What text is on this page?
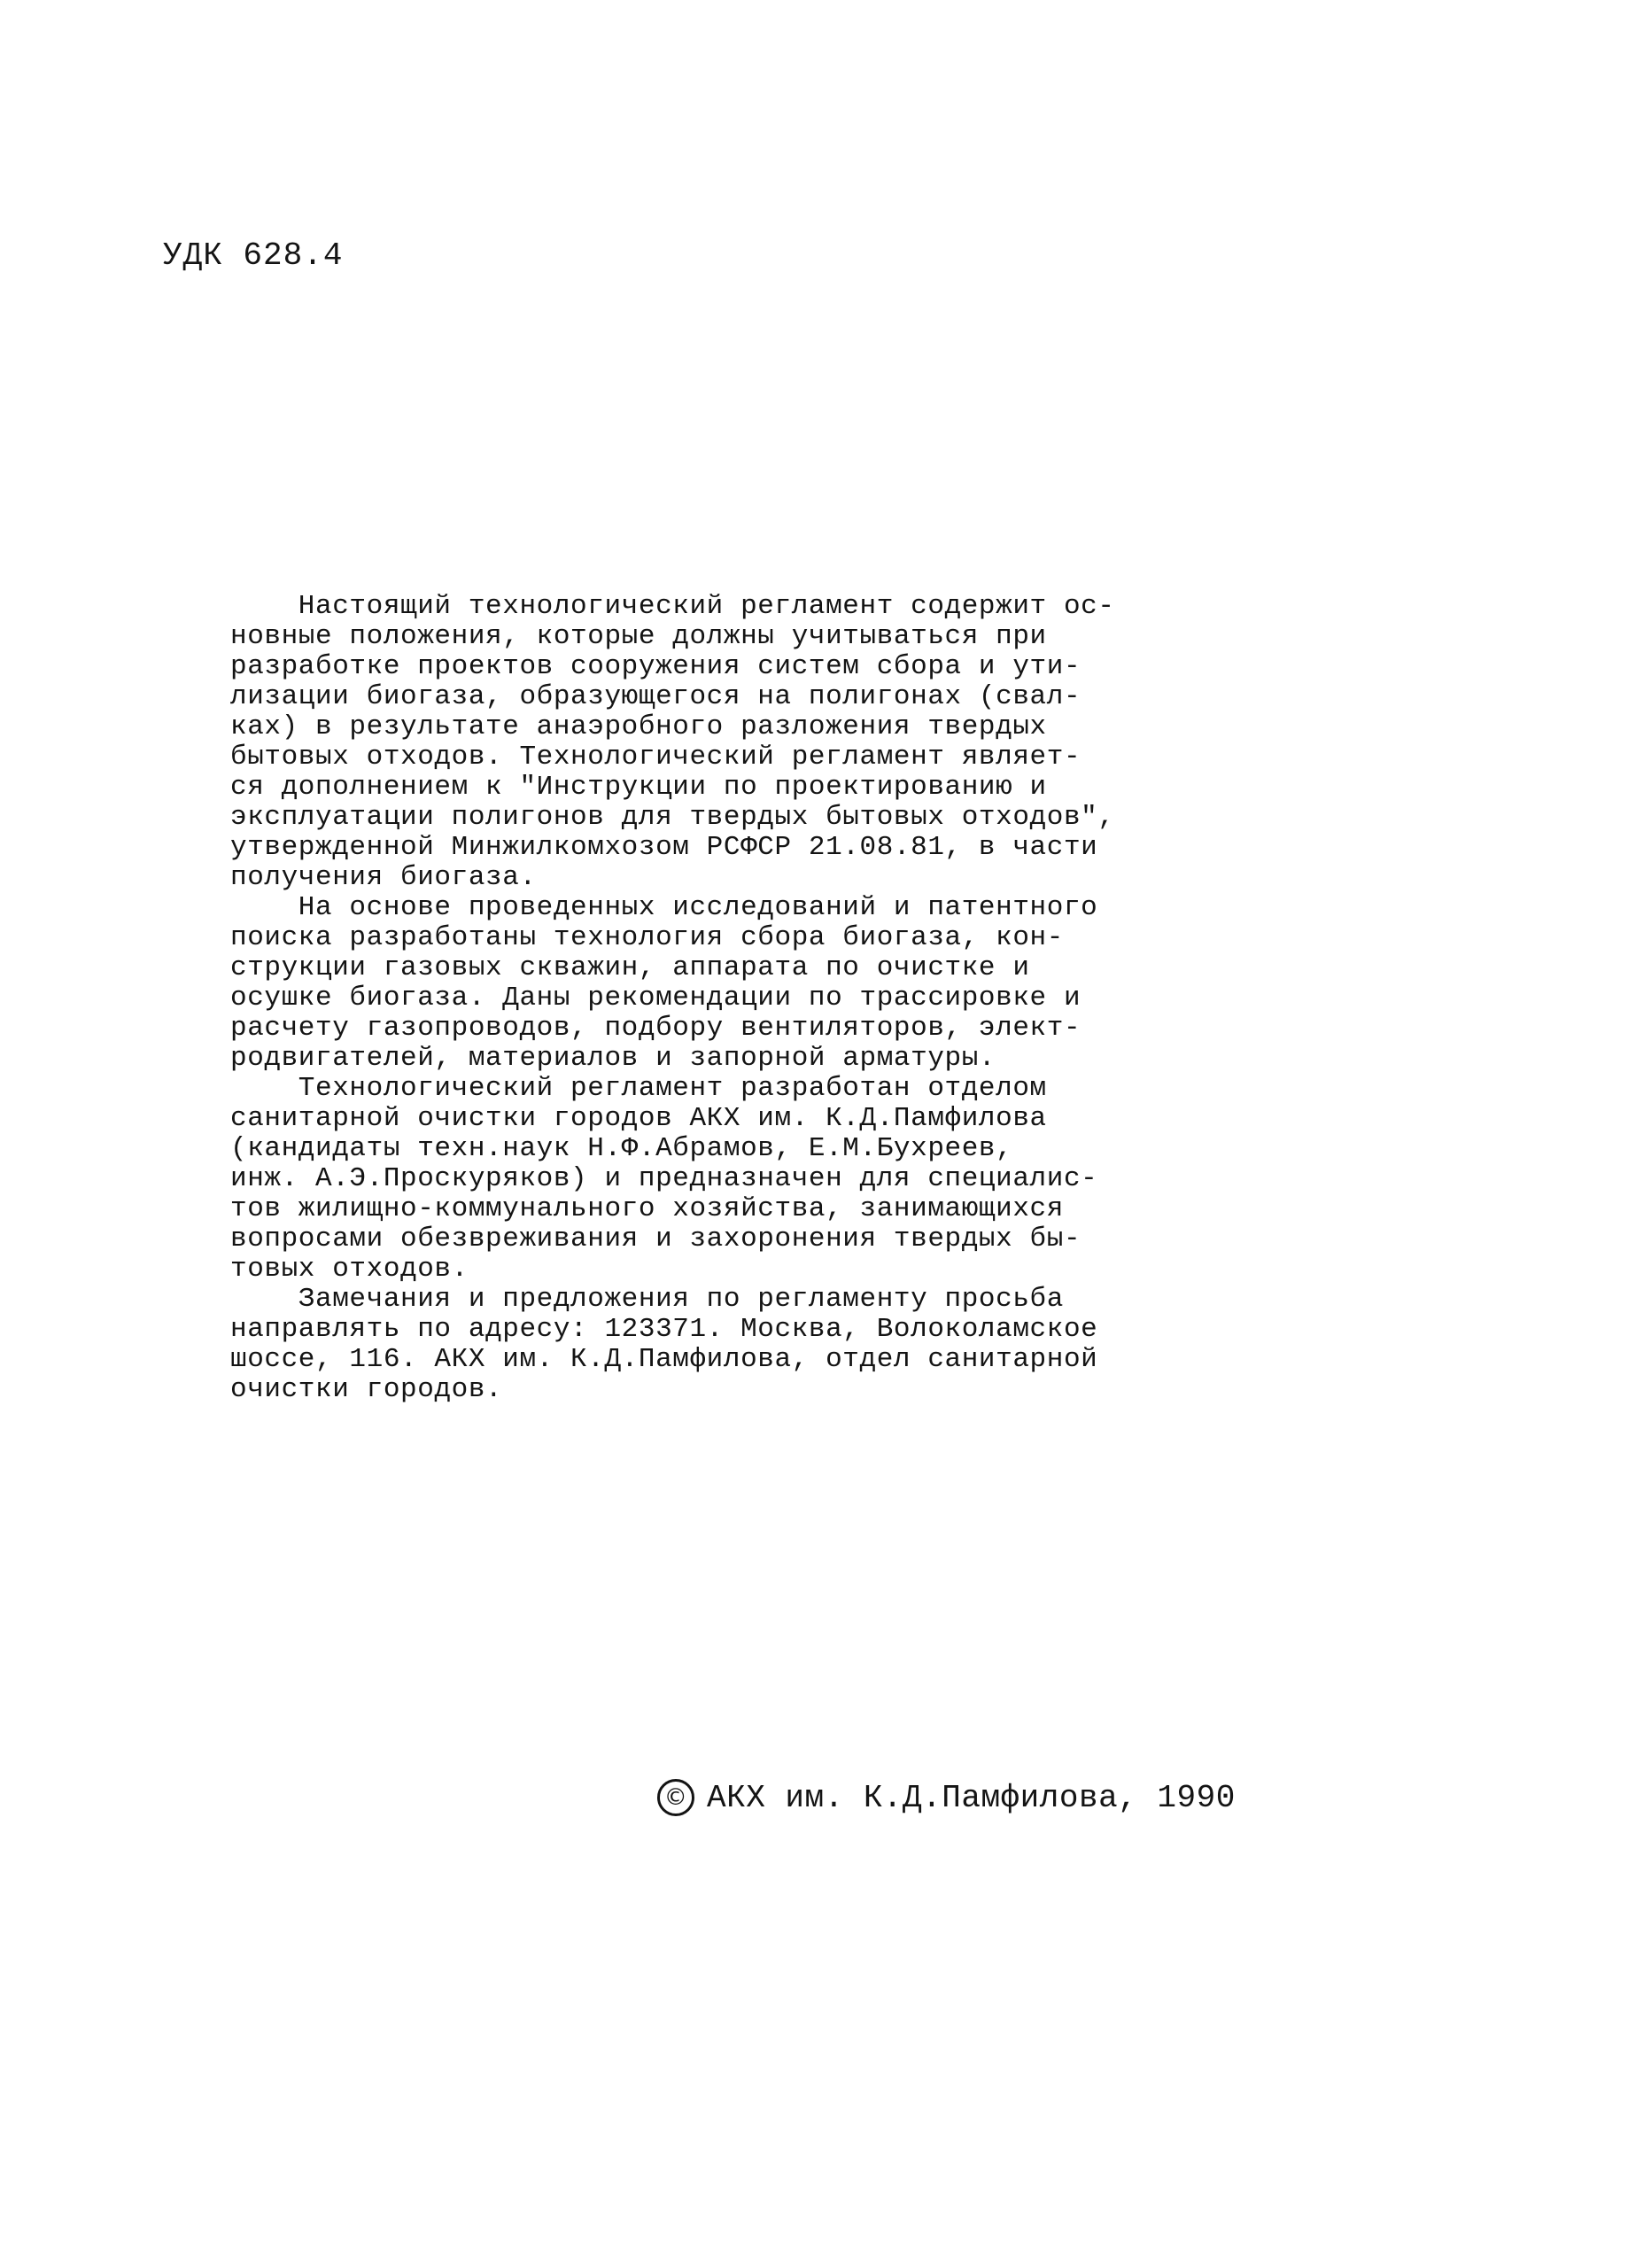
УДК 628.4
Настоящий технологический регламент содержит ос-
новные положения, которые должны учитываться при
разработке проектов сооружения систем сбора и ути-
лизации биогаза, образующегося на полигонах (свал-
ках) в результате анаэробного разложения твердых
бытовых отходов. Технологический регламент являет-
ся дополнением к "Инструкции по проектированию и
эксплуатации полигонов для твердых бытовых отходов",
утвержденной Минжилкомхозом РСФСР 21.08.81, в части
получения биогаза.
На основе проведенных исследований и патентного
поиска разработаны технология сбора биогаза, кон-
струкции газовых скважин, аппарата по очистке и
осушке биогаза. Даны рекомендации по трассировке и
расчету газопроводов, подбору вентиляторов, элект-
родвигателей, материалов и запорной арматуры.
Технологический регламент разработан отделом
санитарной очистки городов АКХ им. К.Д.Памфилова
(кандидаты техн.наук Н.Ф.Абрамов, Е.М.Бухреев,
инж. А.Э.Проскуряков) и предназначен для специалис-
тов жилищно-коммунального хозяйства, занимающихся
вопросами обезвреживания и захоронения твердых бы-
товых отходов.
Замечания и предложения по регламенту просьба
направлять по адресу: 123371. Москва, Волоколамское
шоссе, 116. АКХ им. К.Д.Памфилова, отдел санитарной
очистки городов.
© АКХ им. К.Д.Памфилова, 1990
